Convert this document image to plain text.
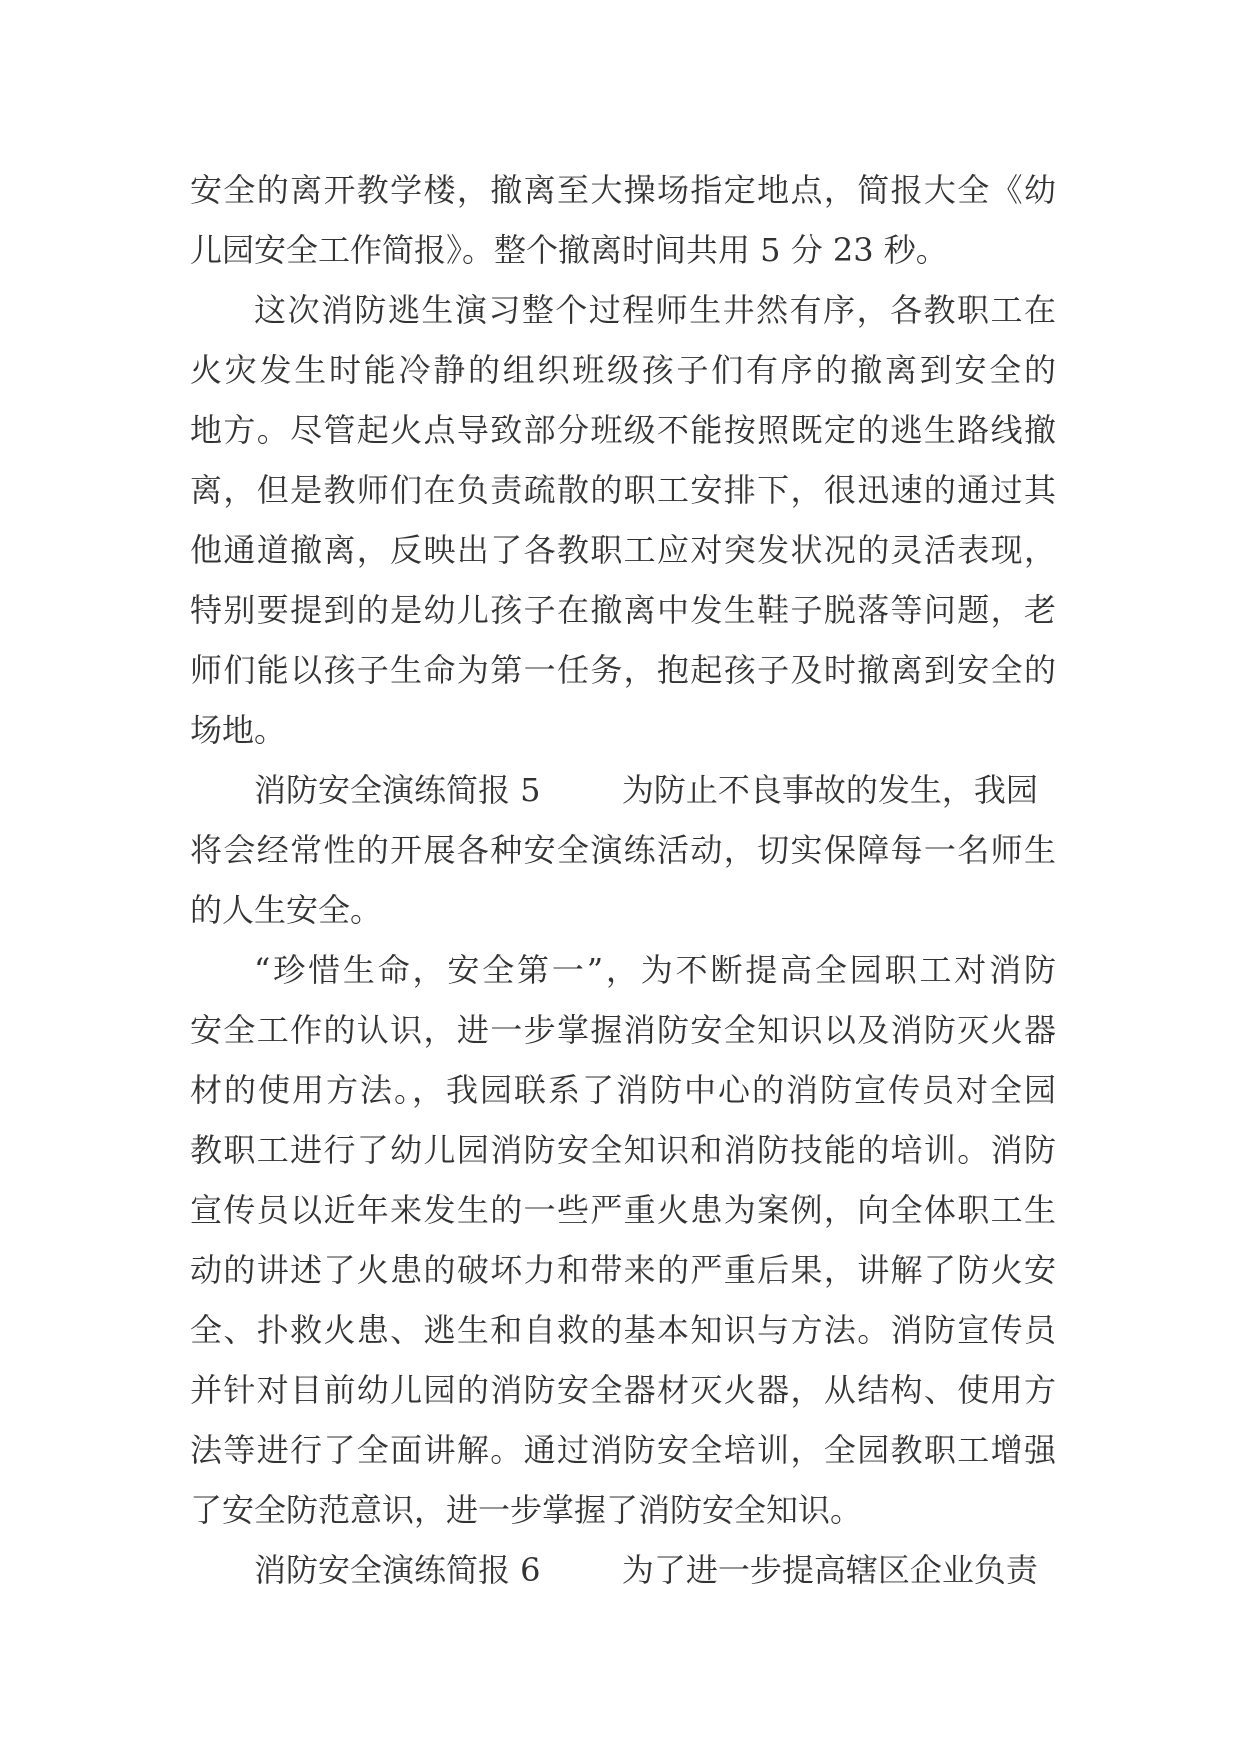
安全的离开教学楼，撤离至大操场指定地点，简报大全《幼
儿园安全工作简报》。整个撤离时间共用 5 分 23 秒。
这次消防逃生演习整个过程师生井然有序，各教职工在
火灾发生时能冷静的组织班级孩子们有序的撤离到安全的
地方。尽管起火点导致部分班级不能按照既定的逃生路线撤
离，但是教师们在负责疏散的职工安排下，很迅速的通过其
他通道撤离，反映出了各教职工应对突发状况的灵活表现，
特别要提到的是幼儿孩子在撤离中发生鞋子脱落等问题，老
师们能以孩子生命为第一任务，抱起孩子及时撤离到安全的
场地。
消防安全演练简报 5        为防止不良事故的发生，我园
将会经常性的开展各种安全演练活动，切实保障每一名师生
的人生安全。
“珍惜生命，安全第一”，为不断提高全园职工对消防
安全工作的认识，进一步掌握消防安全知识以及消防灭火器
材的使用方法。，我园联系了消防中心的消防宣传员对全园
教职工进行了幼儿园消防安全知识和消防技能的培训。消防
宣传员以近年来发生的一些严重火患为案例，向全体职工生
动的讲述了火患的破坏力和带来的严重后果，讲解了防火安
全、扑救火患、逃生和自救的基本知识与方法。消防宣传员
并针对目前幼儿园的消防安全器材灭火器，从结构、使用方
法等进行了全面讲解。通过消防安全培训，全园教职工增强
了安全防范意识，进一步掌握了消防安全知识。
消防安全演练简报 6        为了进一步提高辖区企业负责
